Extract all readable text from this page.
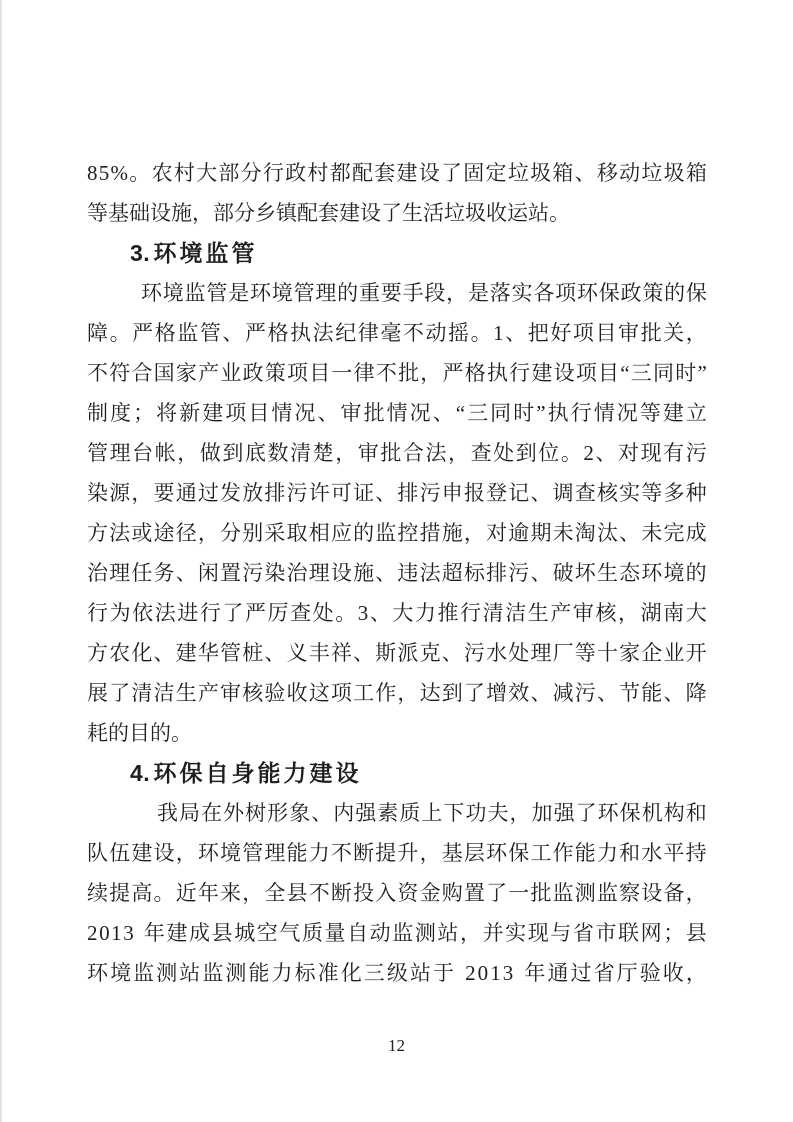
8 5 % 。 农 村 大 部 分 行 政 村 都 配 套 建 设 了 固 定 垃 圾 箱 、 移 动 垃 圾 箱
等 基 础 设 施 ， 部 分 乡 镇 配 套 建 设 了 生 活 垃 圾 收 运 站 。
3 . 环 境 监 管
环 境 监 管 是 环 境 管 理 的 重 要 手 段 ， 是 落 实 各 项 环 保 政 策 的 保
障 。 严 格 监 管 、 严 格 执 法 纪 律 毫 不 动 摇 。 1 、 把 好 项 目 审 批 关 ，
不 符 合 国 家 产 业 政 策 项 目 一 律 不 批 ， 严 格 执 行 建 设 项 目 “ 三 同 时 ”
制 度 ； 将 新 建 项 目 情 况 、 审 批 情 况 、 “ 三 同 时 ” 执 行 情 况 等 建 立
管 理 台 帐 ， 做 到 底 数 清 楚 ， 审 批 合 法 ， 查 处 到 位 。 2 、 对 现 有 污
染 源 ， 要 通 过 发 放 排 污 许 可 证 、 排 污 申 报 登 记 、 调 查 核 实 等 多 种
方 法 或 途 径 ， 分 别 采 取 相 应 的 监 控 措 施 ， 对 逾 期 未 淘 汰 、 未 完 成
治 理 任 务 、 闲 置 污 染 治 理 设 施 、 违 法 超 标 排 污 、 破 坏 生 态 环 境 的
行 为 依 法 进 行 了 严 厉 查 处 。 3 、 大 力 推 行 清 洁 生 产 审 核 ， 湖 南 大
方 农 化 、 建 华 管 桩 、 义 丰 祥 、 斯 派 克 、 污 水 处 理 厂 等 十 家 企 业 开
展 了 清 洁 生 产 审 核 验 收 这 项 工 作 ， 达 到 了 增 效 、 减 污 、 节 能 、 降
耗 的 目 的 。
4 . 环 保 自 身 能 力 建 设
我 局 在 外 树 形 象 、 内 强 素 质 上 下 功 夫 ， 加 强 了 环 保 机 构 和
队 伍 建 设 ， 环 境 管 理 能 力 不 断 提 升 ， 基 层 环 保 工 作 能 力 和 水 平 持
续 提 高 。 近 年 来 ， 全 县 不 断 投 入 资 金 购 置 了 一 批 监 测 监 察 设 备 ，
2 0 1 3
年 建 成 县 城 空 气 质 量 自 动 监 测 站 ， 并 实 现 与 省 市 联 网 ； 县
环 境 监 测 站 监 测 能 力 标 准 化 三 级 站 于
2 0 1 3
年 通 过 省 厅 验 收 ，
12
